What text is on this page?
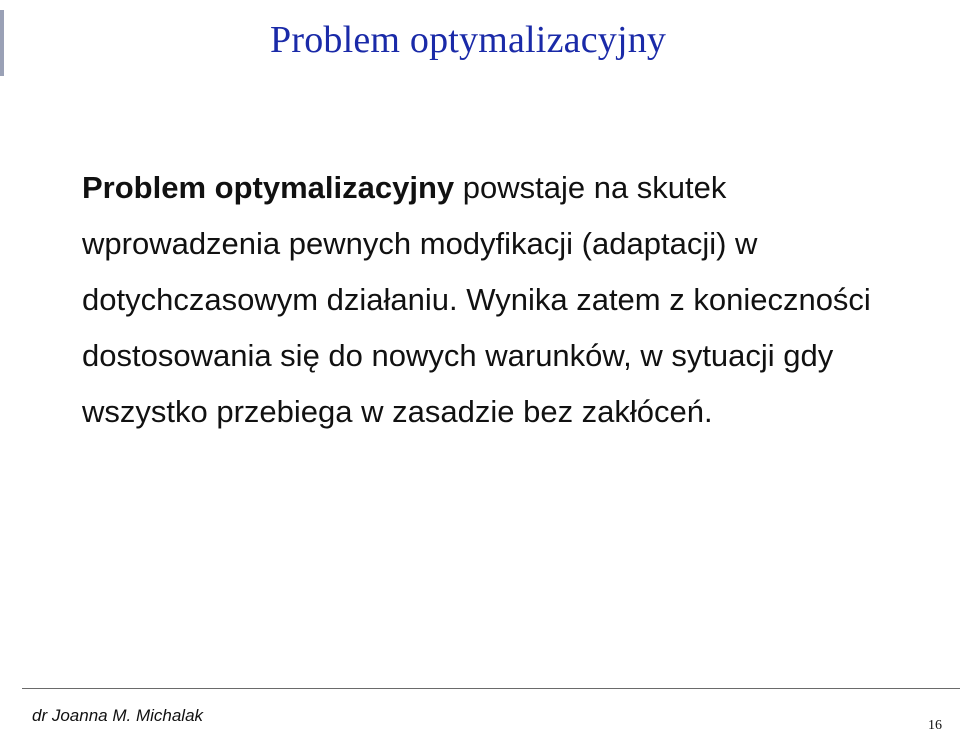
Problem optymalizacyjny
Problem optymalizacyjny powstaje na skutek wprowadzenia pewnych modyfikacji (adaptacji) w dotychczasowym działaniu. Wynika zatem z konieczności dostosowania się do nowych warunków, w sytuacji gdy wszystko przebiega w zasadzie bez zakłóceń.
dr Joanna M. Michalak
16
